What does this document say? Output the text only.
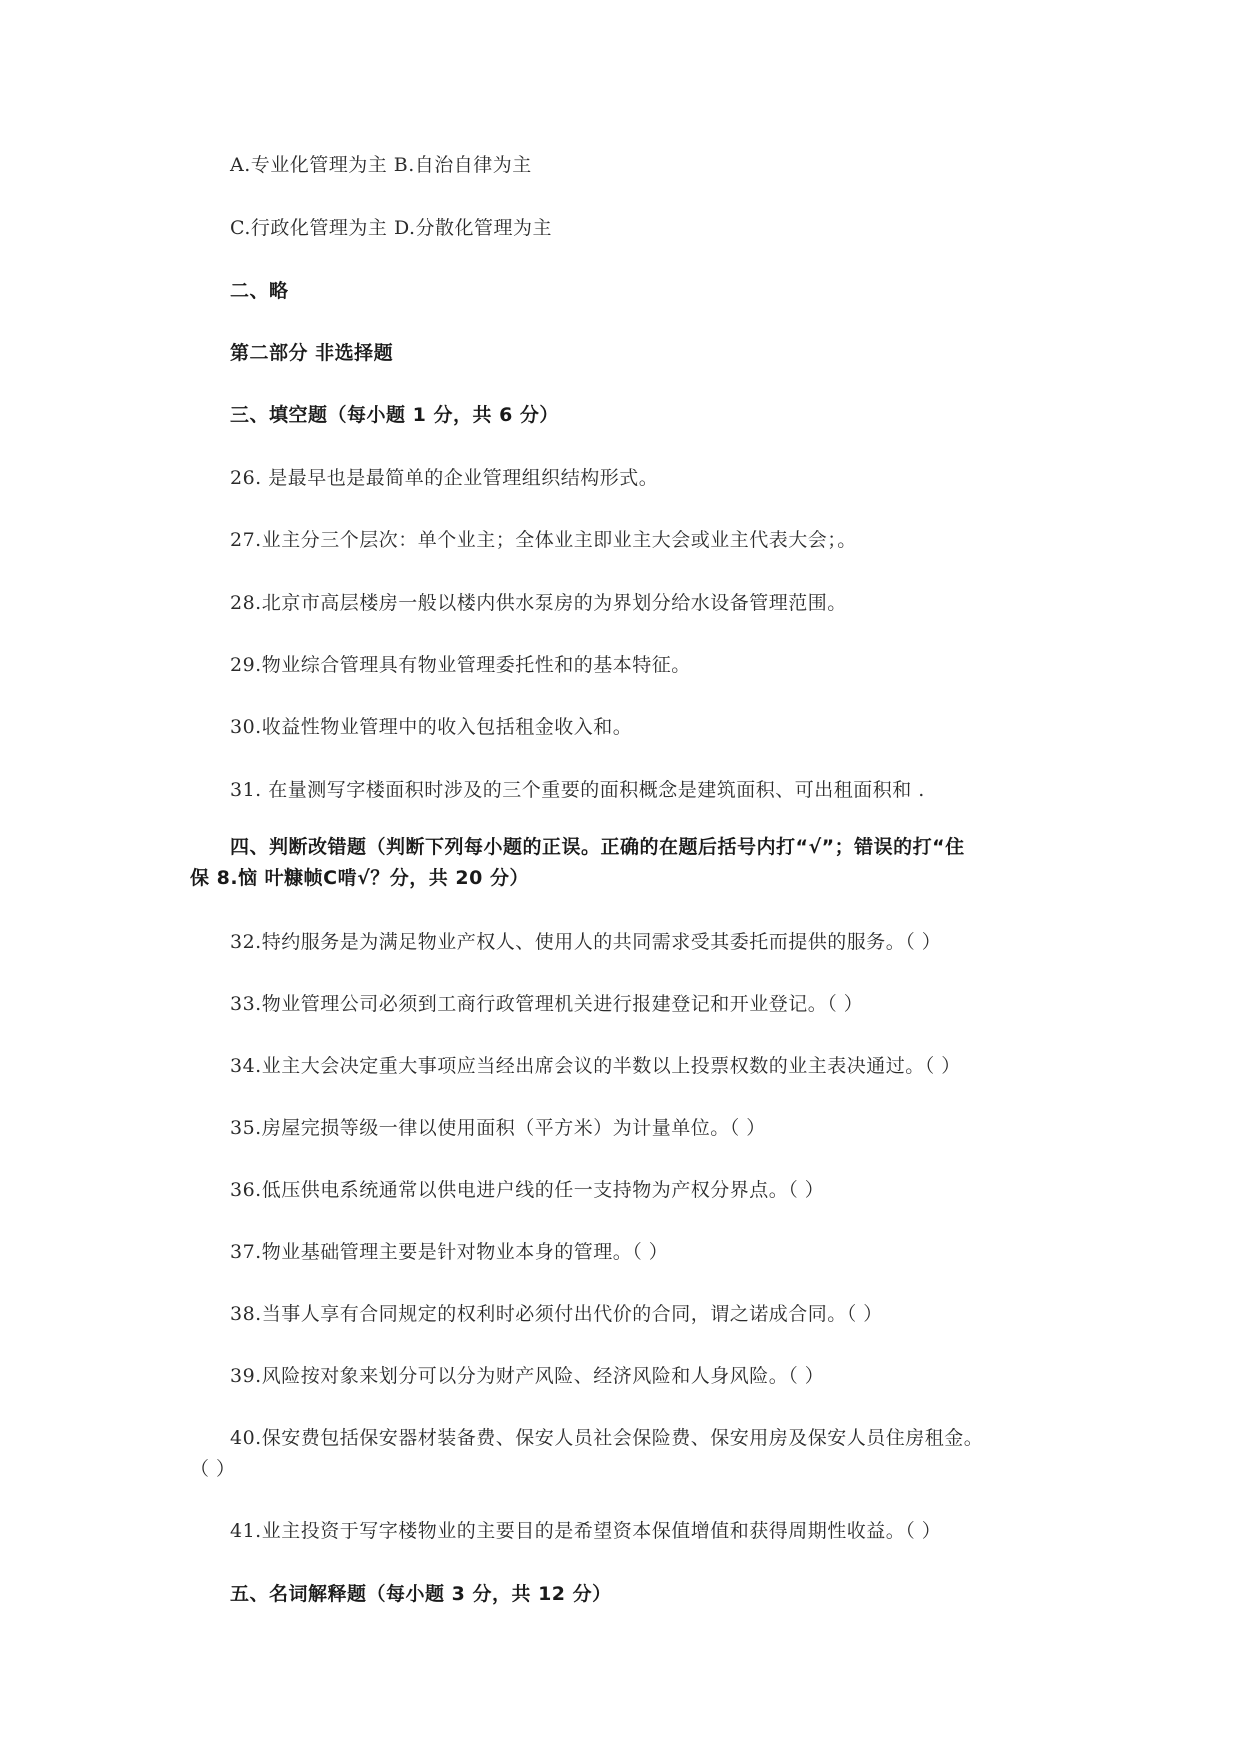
A.专业化管理为主 B.自治自律为主
C.行政化管理为主 D.分散化管理为主
二、略
第二部分 非选择题
三、填空题（每小题 1 分，共 6 分）
26. 是最早也是最简单的企业管理组织结构形式。
27.业主分三个层次：单个业主；全体业主即业主大会或业主代表大会；。
28.北京市高层楼房一般以楼内供水泵房的为界划分给水设备管理范围。
29.物业综合管理具有物业管理委托性和的基本特征。
30.收益性物业管理中的收入包括租金收入和。
31. 在量测写字楼面积时涉及的三个重要的面积概念是建筑面积、可出租面积和 .
四、判断改错题（判断下列每小题的正误。正确的在题后括号内打“√”；错误的打“住
保 8.恼 叶糠帧C啃√？分，共 20 分）
32.特约服务是为满足物业产权人、使用人的共同需求受其委托而提供的服务。（ ）
33.物业管理公司必须到工商行政管理机关进行报建登记和开业登记。（ ）
34.业主大会决定重大事项应当经出席会议的半数以上投票权数的业主表决通过。（ ）
35.房屋完损等级一律以使用面积（平方米）为计量单位。（ ）
36.低压供电系统通常以供电进户线的任一支持物为产权分界点。（ ）
37.物业基础管理主要是针对物业本身的管理。（ ）
38.当事人享有合同规定的权利时必须付出代价的合同，谓之诺成合同。（ ）
39.风险按对象来划分可以分为财产风险、经济风险和人身风险。（ ）
40.保安费包括保安器材装备费、保安人员社会保险费、保安用房及保安人员住房租金。
（ ）
41.业主投资于写字楼物业的主要目的是希望资本保值增值和获得周期性收益。（ ）
五、名词解释题（每小题 3 分，共 12 分）
